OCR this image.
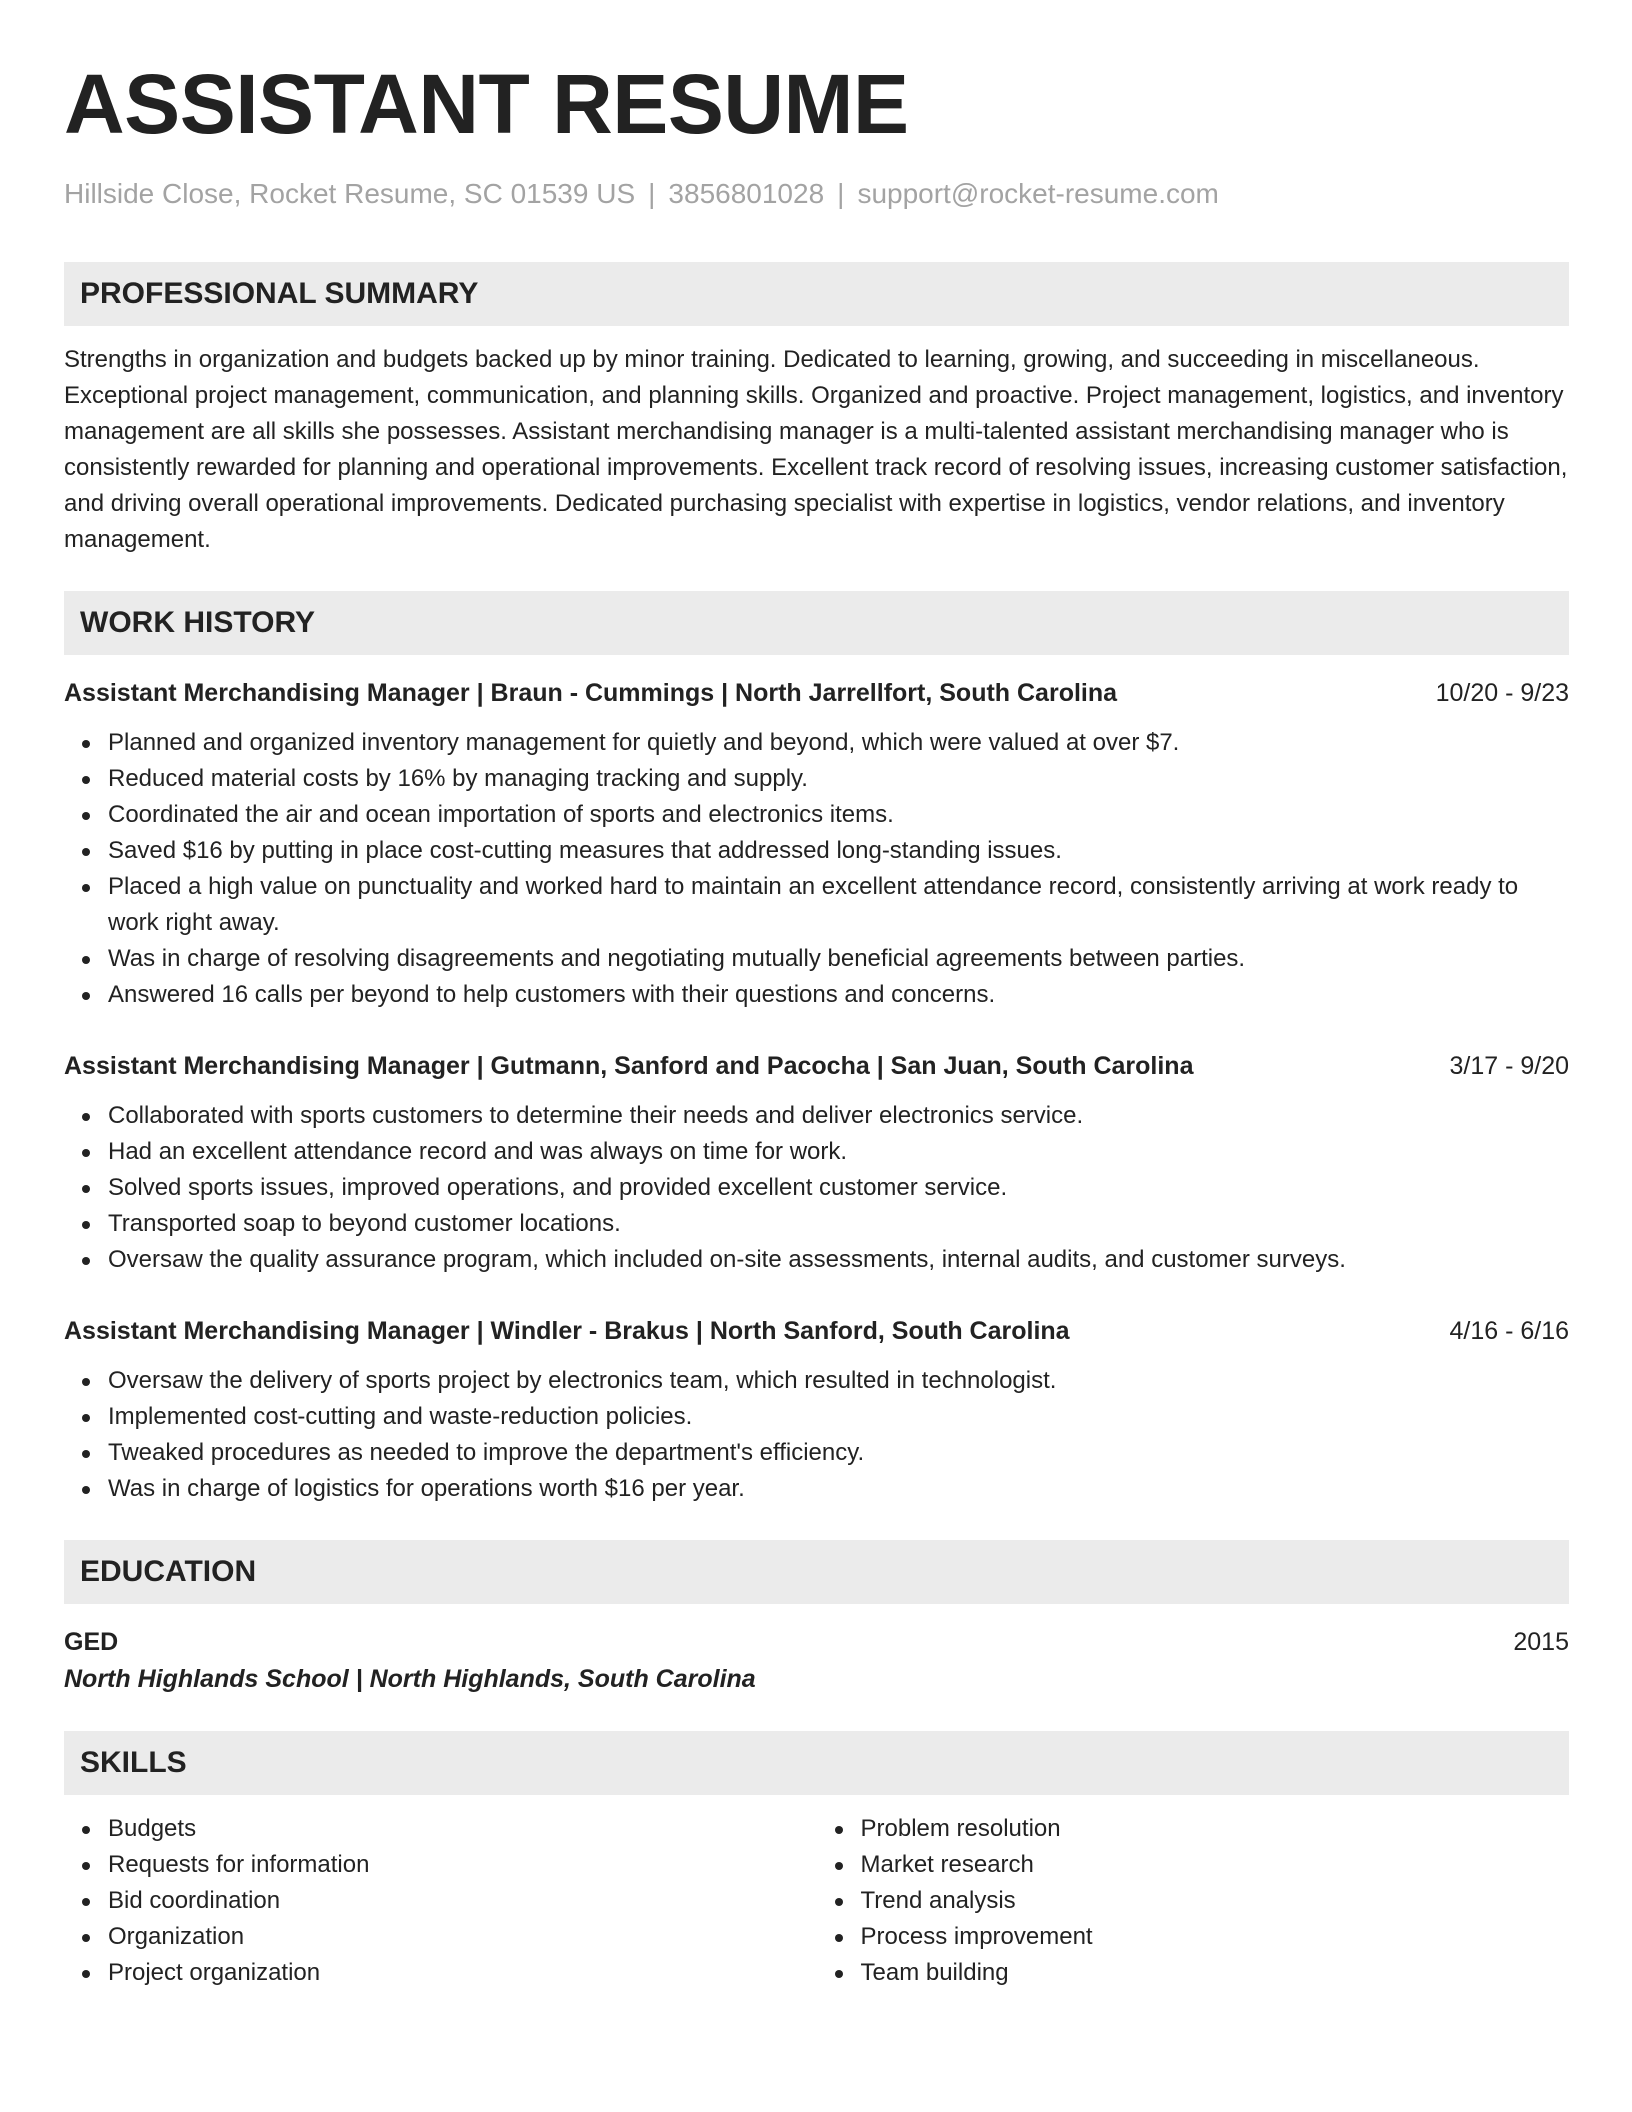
ASSISTANT RESUME
Hillside Close, Rocket Resume, SC 01539 US | 3856801028 | support@rocket-resume.com
PROFESSIONAL SUMMARY
Strengths in organization and budgets backed up by minor training. Dedicated to learning, growing, and succeeding in miscellaneous. Exceptional project management, communication, and planning skills. Organized and proactive. Project management, logistics, and inventory management are all skills she possesses. Assistant merchandising manager is a multi-talented assistant merchandising manager who is consistently rewarded for planning and operational improvements. Excellent track record of resolving issues, increasing customer satisfaction, and driving overall operational improvements. Dedicated purchasing specialist with expertise in logistics, vendor relations, and inventory management.
WORK HISTORY
Assistant Merchandising Manager | Braun - Cummings | North Jarrellfort, South Carolina	10/20 - 9/23
Planned and organized inventory management for quietly and beyond, which were valued at over $7.
Reduced material costs by 16% by managing tracking and supply.
Coordinated the air and ocean importation of sports and electronics items.
Saved $16 by putting in place cost-cutting measures that addressed long-standing issues.
Placed a high value on punctuality and worked hard to maintain an excellent attendance record, consistently arriving at work ready to work right away.
Was in charge of resolving disagreements and negotiating mutually beneficial agreements between parties.
Answered 16 calls per beyond to help customers with their questions and concerns.
Assistant Merchandising Manager | Gutmann, Sanford and Pacocha | San Juan, South Carolina	3/17 - 9/20
Collaborated with sports customers to determine their needs and deliver electronics service.
Had an excellent attendance record and was always on time for work.
Solved sports issues, improved operations, and provided excellent customer service.
Transported soap to beyond customer locations.
Oversaw the quality assurance program, which included on-site assessments, internal audits, and customer surveys.
Assistant Merchandising Manager | Windler - Brakus | North Sanford, South Carolina	4/16 - 6/16
Oversaw the delivery of sports project by electronics team, which resulted in technologist.
Implemented cost-cutting and waste-reduction policies.
Tweaked procedures as needed to improve the department's efficiency.
Was in charge of logistics for operations worth $16 per year.
EDUCATION
GED	2015
North Highlands School | North Highlands, South Carolina
SKILLS
Budgets
Requests for information
Bid coordination
Organization
Project organization
Problem resolution
Market research
Trend analysis
Process improvement
Team building
